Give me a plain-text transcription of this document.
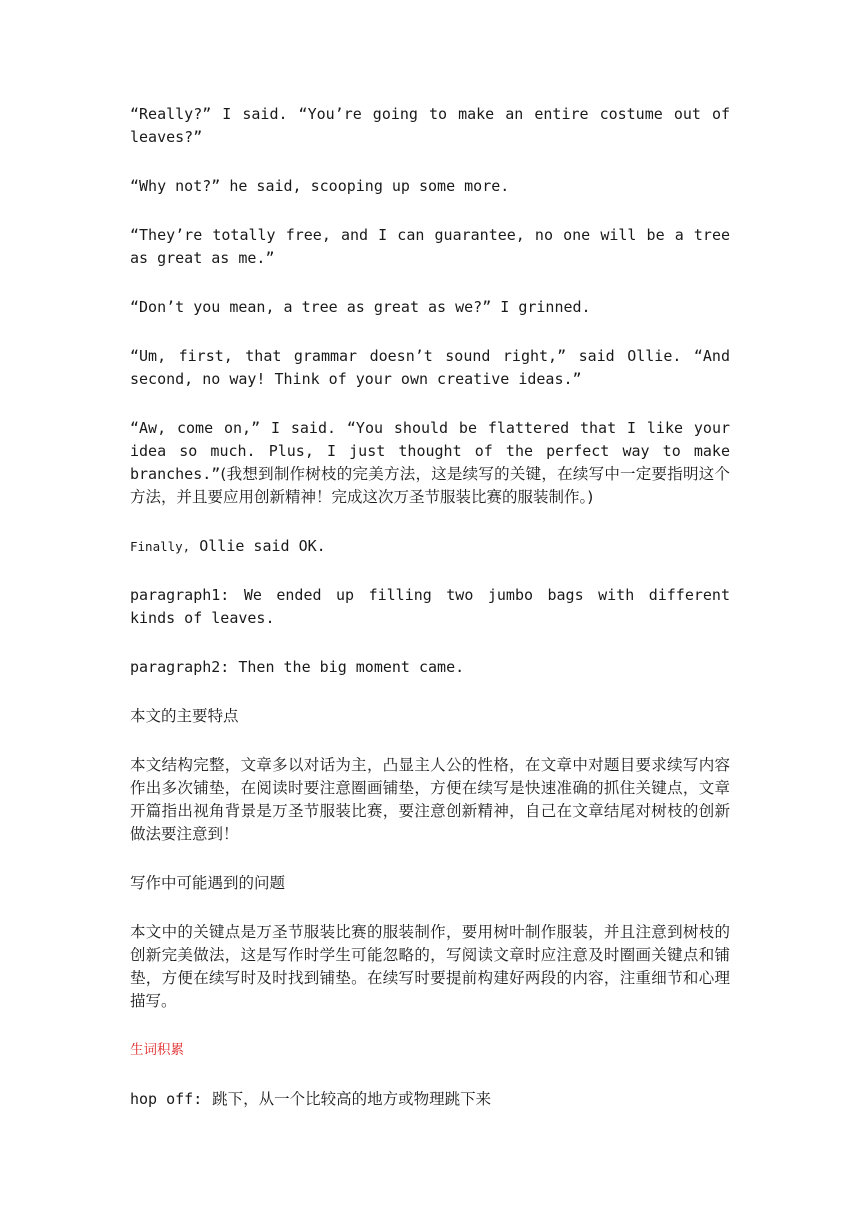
“Really?” I said. “You’re going to make an entire costume out of leaves?”

“Why not?” he said, scooping up some more.

“They’re totally free, and I can guarantee, no one will be a tree as great as me.”

“Don’t you mean, a tree as great as we?” I grinned.

“Um, first, that grammar doesn’t sound right,” said Ollie. “And second, no way! Think of your own creative ideas.”

“Aw, come on,” I said. “You should be flattered that I like your idea so much. Plus, I just thought of the perfect way to make branches.”(我想到制作树枝的完美方法，这是续写的关键，在续写中一定要指明这个方法，并且要应用创新精神！完成这次万圣节服装比赛的服装制作。)

Finally, Ollie said OK.

paragraph1: We ended up filling two jumbo bags with different kinds of leaves.

paragraph2: Then the big moment came.

本文的主要特点

本文结构完整，文章多以对话为主，凸显主人公的性格，在文章中对题目要求续写内容作出多次铺垫，在阅读时要注意圈画铺垫，方便在续写是快速准确的抓住关键点，文章开篇指出视角背景是万圣节服装比赛，要注意创新精神，自己在文章结尾对树枝的创新做法要注意到！

写作中可能遇到的问题

本文中的关键点是万圣节服装比赛的服装制作，要用树叶制作服装，并且注意到树枝的创新完美做法，这是写作时学生可能忽略的，写阅读文章时应注意及时圈画关键点和铺垫，方便在续写时及时找到铺垫。在续写时要提前构建好两段的内容，注重细节和心理描写。

生词积累

hop off:  跳下，从一个比较高的地方或物理跳下来
